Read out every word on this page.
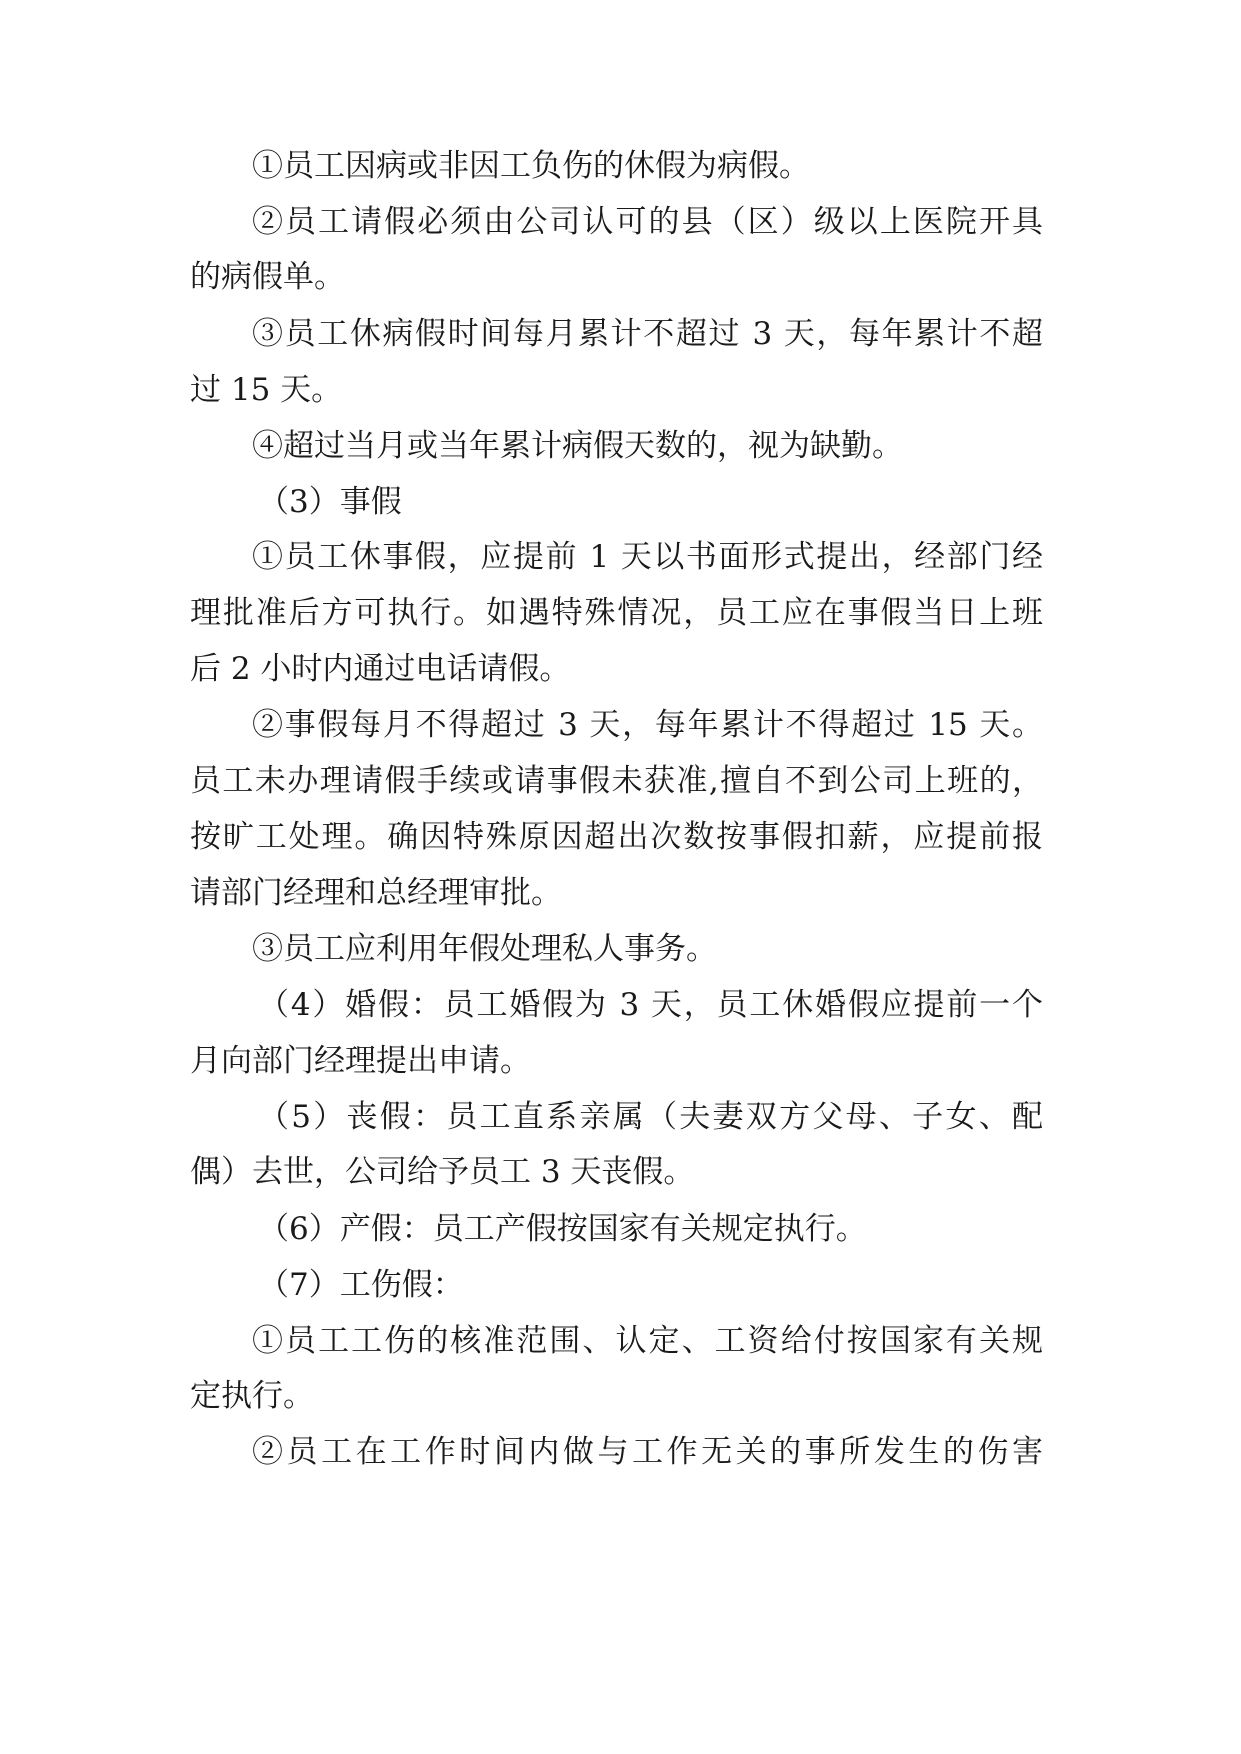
①员工因病或非因工负伤的休假为病假。
②员工请假必须由公司认可的县（区）级以上医院开具
的病假单。
③员工休病假时间每月累计不超过 3 天，每年累计不超
过 15 天。
④超过当月或当年累计病假天数的，视为缺勤。
（3）事假
①员工休事假，应提前 1 天以书面形式提出，经部门经
理批准后方可执行。如遇特殊情况，员工应在事假当日上班
后 2 小时内通过电话请假。
②事假每月不得超过 3 天，每年累计不得超过 15 天。
员工未办理请假手续或请事假未获准,擅自不到公司上班的，
按旷工处理。确因特殊原因超出次数按事假扣薪，应提前报
请部门经理和总经理审批。
③员工应利用年假处理私人事务。
（4）婚假：员工婚假为 3 天，员工休婚假应提前一个
月向部门经理提出申请。
（5）丧假：员工直系亲属（夫妻双方父母、子女、配
偶）去世，公司给予员工 3 天丧假。
（6）产假：员工产假按国家有关规定执行。
（7）工伤假：
①员工工伤的核准范围、认定、工资给付按国家有关规
定执行。
②员工在工作时间内做与工作无关的事所发生的伤害
